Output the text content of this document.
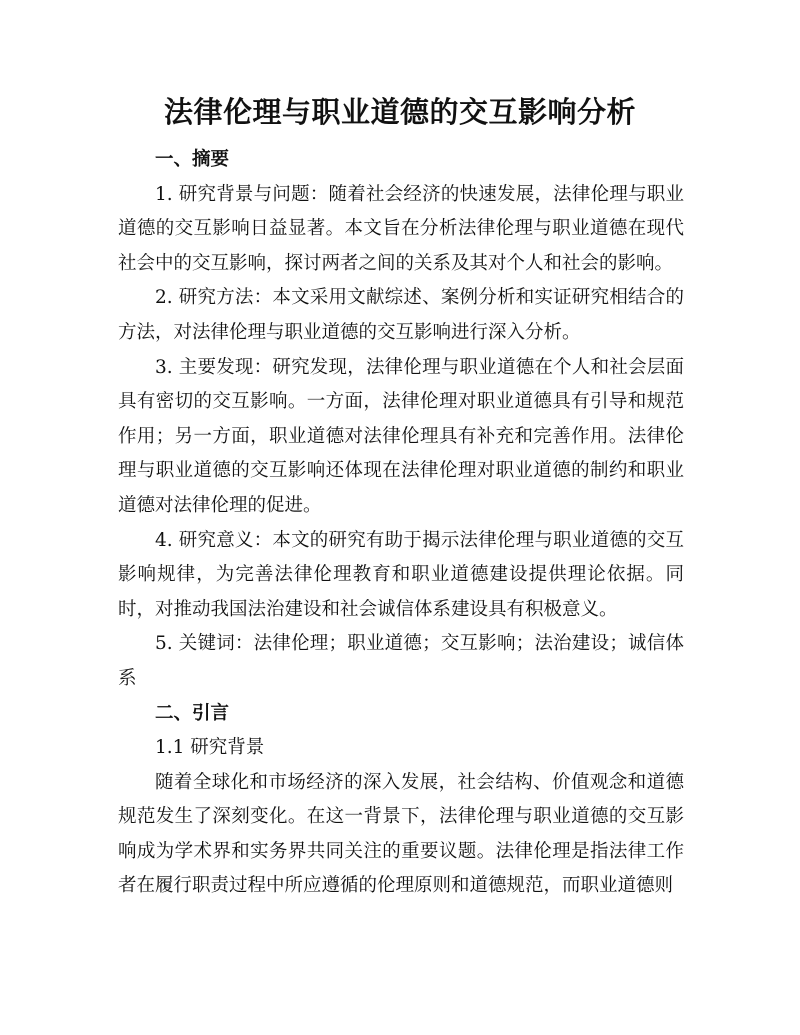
法律伦理与职业道德的交互影响分析

一、摘要

1. 研究背景与问题：随着社会经济的快速发展，法律伦理与职业道德的交互影响日益显著。本文旨在分析法律伦理与职业道德在现代社会中的交互影响，探讨两者之间的关系及其对个人和社会的影响。

2. 研究方法：本文采用文献综述、案例分析和实证研究相结合的方法，对法律伦理与职业道德的交互影响进行深入分析。

3. 主要发现：研究发现，法律伦理与职业道德在个人和社会层面具有密切的交互影响。一方面，法律伦理对职业道德具有引导和规范作用；另一方面，职业道德对法律伦理具有补充和完善作用。法律伦理与职业道德的交互影响还体现在法律伦理对职业道德的制约和职业道德对法律伦理的促进。

4. 研究意义：本文的研究有助于揭示法律伦理与职业道德的交互影响规律，为完善法律伦理教育和职业道德建设提供理论依据。同时，对推动我国法治建设和社会诚信体系建设具有积极意义。

5. 关键词：法律伦理；职业道德；交互影响；法治建设；诚信体系

二、引言

1.1 研究背景

随着全球化和市场经济的深入发展，社会结构、价值观念和道德规范发生了深刻变化。在这一背景下，法律伦理与职业道德的交互影响成为学术界和实务界共同关注的重要议题。法律伦理是指法律工作者在履行职责过程中所应遵循的伦理原则和道德规范，而职业道德则
